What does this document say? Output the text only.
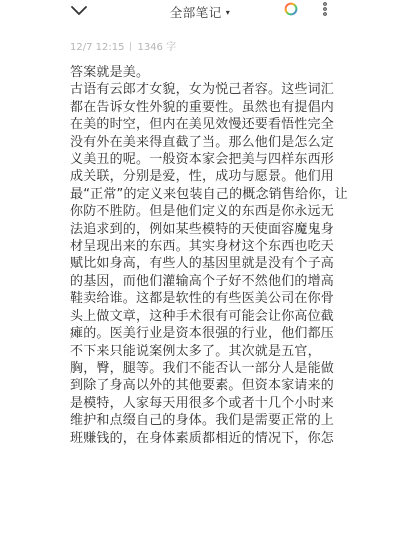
全部笔记 ▾
12/7 12:15 1346 字
答案就是美。
古语有云郎才女貌，女为悦己者容。这些词汇
都在告诉女性外貌的重要性。虽然也有提倡内
在美的时空，但内在美见效慢还要看悟性完全
没有外在美来得直截了当。那么他们是怎么定
义美丑的呢。一般资本家会把美与四样东西形
成关联，分别是爱，性，成功与愿景。他们用
最“正常”的定义来包装自己的概念销售给你，让
你防不胜防。但是他们定义的东西是你永远无
法追求到的，例如某些模特的天使面容魔鬼身
材呈现出来的东西。其实身材这个东西也吃天
赋比如身高，有些人的基因里就是没有个子高
的基因，而他们灌输高个子好不然他们的增高
鞋卖给谁。这都是软性的有些医美公司在你骨
头上做文章，这种手术很有可能会让你高位截
瘫的。医美行业是资本很强的行业，他们都压
不下来只能说案例太多了。其次就是五官，
胸，臀，腿等。我们不能否认一部分人是能做
到除了身高以外的其他要素。但资本家请来的
是模特，人家每天用很多个或者十几个小时来
维护和点缀自己的身体。我们是需要正常的上
班赚钱的，在身体素质都相近的情况下，你怎
